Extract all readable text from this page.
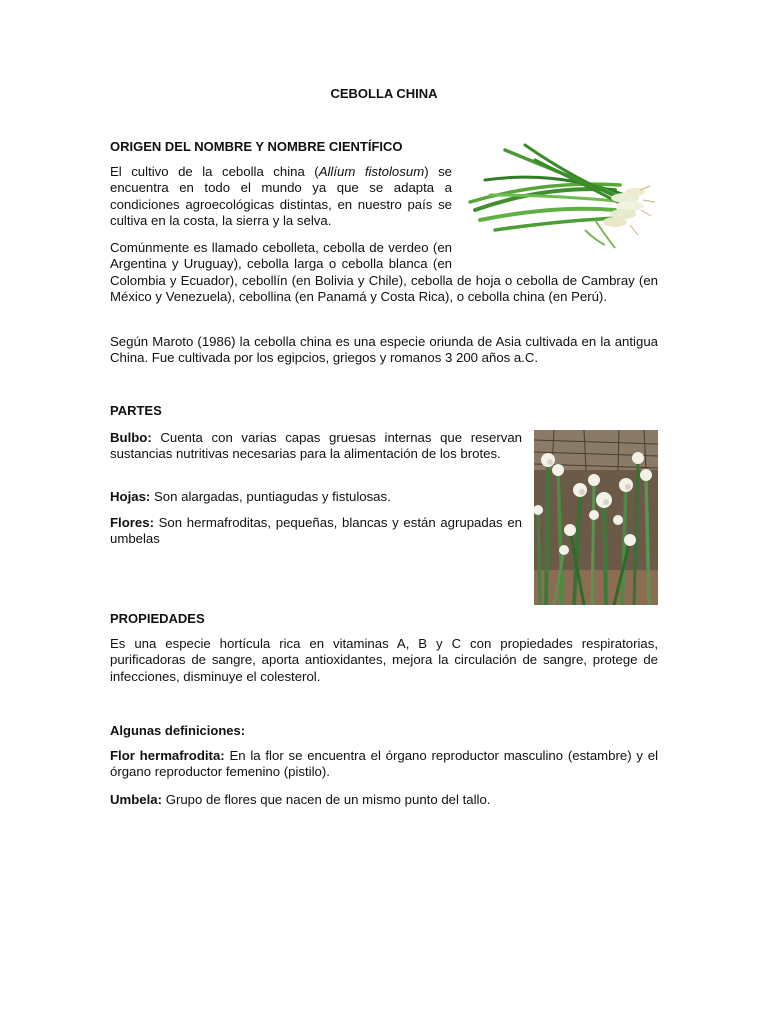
CEBOLLA CHINA
ORIGEN DEL NOMBRE Y NOMBRE CIENTÍFICO

El cultivo de la cebolla china (Allíum fistolosum) se encuentra en todo el mundo ya que se adapta a condiciones agroecológicas distintas, en nuestro país se cultiva en la costa, la sierra y la selva.

Comúnmente es llamado cebolleta, cebolla de verdeo (en Argentina y Uruguay), cebolla larga o cebolla blanca (en Colombia y Ecuador), cebollín (en Bolivia y Chile), cebolla de hoja o cebolla de Cambray (en México y Venezuela), cebollina (en Panamá y Costa Rica), o cebolla china (en Perú).

Según Maroto (1986) la cebolla china es una especie oriunda de Asia cultivada en la antigua China. Fue cultivada por los egipcios, griegos y romanos 3 200 años a.C.

PARTES

Bulbo: Cuenta con varias capas gruesas internas que reservan sustancias nutritivas necesarias para la alimentación de los brotes.

Hojas: Son alargadas, puntiagudas y fistulosas.

Flores: Son hermafroditas, pequeñas, blancas y están agrupadas en umbelas

PROPIEDADES

Es una especie hortícula rica en vitaminas A, B y C con propiedades respiratorias, purificadoras de sangre, aporta antioxidantes, mejora la circulación de sangre, protege de infecciones, disminuye el colesterol.

Algunas definiciones:

Flor hermafrodita: En la flor se encuentra el órgano reproductor masculino (estambre) y el órgano reproductor femenino (pistilo).

Umbela: Grupo de flores que nacen de un mismo punto del tallo.
